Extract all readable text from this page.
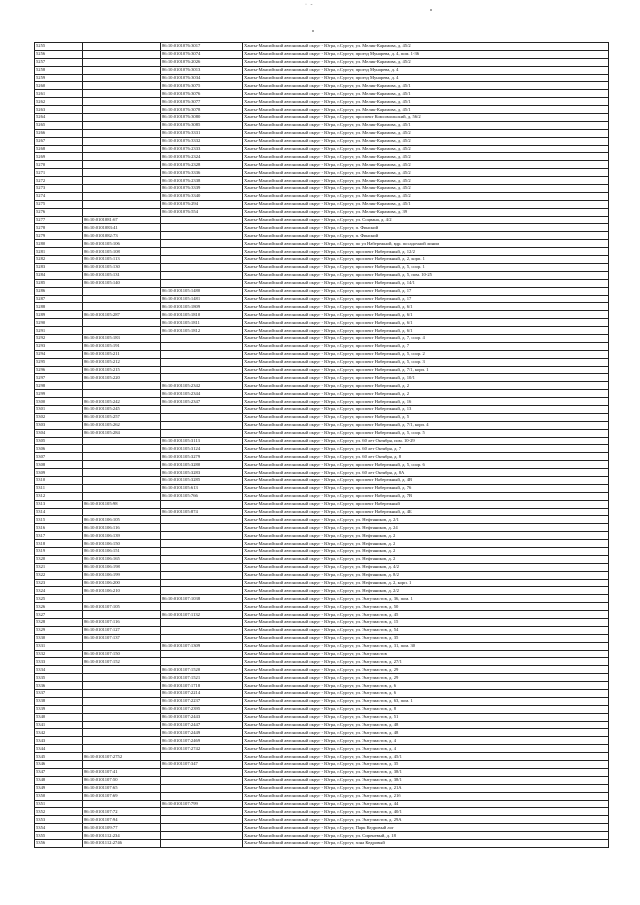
· -
5255		86:10:0101076:3017	Ханты-Мансийский автономный округ - Югра, г.Сургут, ул. Мелик-Карамова, д. 45/2
5256		86:10:0101076:3074	Ханты-Мансийский автономный округ - Югра, г.Сургут, проезд Мунарева, д. 4, пом. 1-36
5257		86:10:0101076:2026	Ханты-Мансийский автономный округ - Югра, г.Сургут, ул. Мелик-Карамова, д. 45/2
5258		86:10:0101076:3013	Ханты-Мансийский автономный округ - Югра, г.Сургут, проезд Мунарева, д. 4
5259		86:10:0101076:3034	Ханты-Мансийский автономный округ - Югра, г.Сургут, проезд Мунарева, д. 4
5260		86:10:0101076:3075	Ханты-Мансийский автономный округ - Югра, г.Сургут, ул. Мелик-Карамова, д. 45/1
5261		86:10:0101076:3076	Ханты-Мансийский автономный округ - Югра, г.Сургут, ул. Мелик-Карамова, д. 45/1
5262		86:10:0101076:3077	Ханты-Мансийский автономный округ - Югра, г.Сургут, ул. Мелик-Карамова, д. 45/1
5263		86:10:0101076:3078	Ханты-Мансийский автономный округ - Югра, г.Сургут, ул. Мелик-Карамова, д. 45/1
5264		86:10:0101076:3080	Ханты-Мансийский автономный округ - Югра, г.Сургут, проспект Комсомольский, д. 56/2
5265		86:10:0101076:3085	Ханты-Мансийский автономный округ - Югра, г.Сургут, ул. Мелик-Карамова, д. 45/1
5266		86:10:0101076:3331	Ханты-Мансийский автономный округ - Югра, г.Сургут, ул. Мелик-Карамова, д. 45/2
5267		86:10:0101076:3332	Ханты-Мансийский автономный округ - Югра, г.Сургут, ул. Мелик-Карамова, д. 45/2
5268		86:10:0101076:2333	Ханты-Мансийский автономный округ - Югра, г.Сургут, ул. Мелик-Карамова, д. 45/2
5269		86:10:0101076:2324	Ханты-Мансийский автономный округ - Югра, г.Сургут, ул. Мелик-Карамова, д. 45/2
5270		86:10:0101076:2328	Ханты-Мансийский автономный округ - Югра, г.Сургут, ул. Мелик-Карамова, д. 45/2
5271		86:10:0101076:3336	Ханты-Мансийский автономный округ - Югра, г.Сургут, ул. Мелик-Карамова, д. 45/2
5272		86:10:0101076:2338	Ханты-Мансийский автономный округ - Югра, г.Сургут, ул. Мелик-Карамова, д. 45/2
5273		86:10:0101076:3339	Ханты-Мансийский автономный округ - Югра, г.Сургут, ул. Мелик-Карамова, д. 45/2
5274		86:10:0101076:3340	Ханты-Мансийский автономный округ - Югра, г.Сургут, ул. Мелик-Карамова, д. 45/2
5275		86:10:0101076:294	Ханты-Мансийский автономный округ - Югра, г.Сургут, ул. Мелик-Карамова, д. 45/1
5276		86:10:0101076:554	Ханты-Мансийский автономный округ - Югра, г.Сургут, ул. Мелик-Карамова, д. 39
5277	86:10:0101081:67		Ханты-Мансийский автономный округ - Югра, г.Сургут, ул. Соцвана, д. 4/2
5278	86:10:0101083:41		Ханты-Мансийский автономный округ - Югра, г.Сургут, п. Финский
5279	86:10:0101082:73		Ханты-Мансийский автономный округ - Югра, г.Сургут, п. Финский
5280	86:10:0101105:106		Ханты-Мансийский автономный округ - Югра, г.Сургут, по ул Набережной, вдр. посадочной линии
5281	86:10:0101105:108		Ханты-Мансийский автономный округ - Югра, г.Сургут, проспект Набережный, д. 12/2
5282	86:10:0101105:113		Ханты-Мансийский автономный округ - Югра, г.Сургут, проспект Набережный, д. 2, корп. 1
5283	86:10:0101105:130		Ханты-Мансийский автономный округ - Югра, г.Сургут, проспект Набережный, д. 5, соор. 1
5284	86:10:0101105:131		Ханты-Мансийский автономный округ - Югра, г.Сургут, проспект Набережный, д. 5, пом. 10-25
5285	86:10:0101105:140		Ханты-Мансийский автономный округ - Югра, г.Сургут, проспект Набережный, д. 14/1
5286		86:10:0101105:1480	Ханты-Мансийский автономный округ - Югра, г.Сургут, проспект Набережный, д. 17
5287		86:10:0101105:1481	Ханты-Мансийский автономный округ - Югра, г.Сургут, проспект Набережный, д. 17
5288		86:10:0101105:1809	Ханты-Мансийский автономный округ - Югра, г.Сургут, проспект Набережный, д. 6/1
5289	86:10:0101105:287	86:10:0101105:1810	Ханты-Мансийский автономный округ - Югра, г.Сургут, проспект Набережный, д. 6/1
5290		86:10:0101105:1811	Ханты-Мансийский автономный округ - Югра, г.Сургут, проспект Набережный, д. 6/1
5291		86:10:0101105:1812	Ханты-Мансийский автономный округ - Югра, г.Сургут, проспект Набережный, д. 6/1
5292	86:10:0101105:183		Ханты-Мансийский автономный округ - Югра, г.Сургут, проспект Набережный, д. 7, соор. 4
5293	86:10:0101105:191		Ханты-Мансийский автономный округ - Югра, г.Сургут, проспект Набережный, д. 7
5294	86:10:0101105:211		Ханты-Мансийский автономный округ - Югра, г.Сургут, проспект Набережный, д. 5, соор. 2
5295	86:10:0101105:212		Ханты-Мансийский автономный округ - Югра, г.Сургут, проспект Набережный, д. 5, соор. 3
5296	86:10:0101105:215		Ханты-Мансийский автономный округ - Югра, г.Сургут, проспект Набережный, д. 7/1, корп. 1
5297	86:10:0101105:220		Ханты-Мансийский автономный округ - Югра, г.Сургут, проспект Набережный, д. 10/1
5298		86:10:0101105:2342	Ханты-Мансийский автономный округ - Югра, г.Сургут, проспект Набережный, д. 2
5299		86:10:0101105:2344	Ханты-Мансийский автономный округ - Югра, г.Сургут, проспект Набережный, д. 2
5300	86:10:0101105:242	86:10:0101105:2347	Ханты-Мансийский автономный округ - Югра, г.Сургут, проспект Набережный, д. 16
5301	86:10:0101105:245		Ханты-Мансийский автономный округ - Югра, г.Сургут, проспект Набережный, д. 13
5302	86:10:0101105:257		Ханты-Мансийский автономный округ - Югра, г.Сургут, проспект Набережный, д. 5
5303	86:10:0101105:262		Ханты-Мансийский автономный округ - Югра, г.Сургут, проспект Набережный, д. 7/1, корп. 4
5304	86:10:0101105:284		Ханты-Мансийский автономный округ - Югра, г.Сургут, проспект Набережный, д. 5, соор. 5
5305		86:10:0101105:3113	Ханты-Мансийский автономный округ - Югра, г.Сургут, ул. 60 лет Октября, пом. 10-29
5306		86:10:0101105:3124	Ханты-Мансийский автономный округ - Югра, г.Сургут, ул. 60 лет Октября, д. 7
5307		86:10:0101105:3279	Ханты-Мансийский автономный округ - Югра, г.Сургут, ул. 60 лет Октября, д. 8
5308		86:10:0101105:3280	Ханты-Мансийский автономный округ - Югра, г.Сургут, проспект Набережный, д. 5, соор. 6
5309		86:10:0101105:3283	Ханты-Мансийский автономный округ - Югра, г.Сургут, ул. 60 лет Октября, д. 8А
5310		86:10:0101105:3285	Ханты-Мансийский автономный округ - Югра, г.Сургут, проспект Набережный, д. 4В
5311		86:10:0101105:613	Ханты-Мансийский автономный округ - Югра, г.Сургут, проспект Набережный, д. 76
5312		86:10:0101105:766	Ханты-Мансийский автономный округ - Югра, г.Сургут, проспект Набережный, д. 7В
5313	86:10:0101105:98		Ханты-Мансийский автономный округ - Югра, г.Сургут, проспект Набережный
5314		86:10:0101105:874	Ханты-Мансийский автономный округ - Югра, г.Сургут, проспект Набережный, д. 4Б
5315	86:10:0101106:105		Ханты-Мансийский автономный округ - Югра, г.Сургут, ул. Нефтяников, д. 2/1
5316	86:10:0101106:116		Ханты-Мансийский автономный округ - Югра, г.Сургут, ул. Нефтяников, д. 24
5317	86:10:0101106:139		Ханты-Мансийский автономный округ - Югра, г.Сургут, ул. Нефтяников, д. 2
5318	86:10:0101106:150		Ханты-Мансийский автономный округ - Югра, г.Сургут, ул. Нефтяников, д. 2
5319	86:10:0101106:151		Ханты-Мансийский автономный округ - Югра, г.Сургут, ул. Нефтяников, д. 2
5320	86:10:0101106:165		Ханты-Мансийский автономный округ - Югра, г.Сургут, ул. Нефтяников, д. 2
5321	86:10:0101106:198		Ханты-Мансийский автономный округ - Югра, г.Сургут, ул. Нефтяников, д. 4/2
5322	86:10:0101106:199		Ханты-Мансийский автономный округ - Югра, г.Сургут, ул. Нефтяников, д. 8/2
5323	86:10:0101106:200		Ханты-Мансийский автономный округ - Югра, г.Сургут, ул. Нефтяников, д. 2, корп. 1
5324	86:10:0101106:210		Ханты-Мансийский автономный округ - Югра, г.Сургут, ул. Нефтяников, д. 2/2
5325		86:10:0101107:1038	Ханты-Мансийский автономный округ - Югра, г.Сургут, ул. Энтузиастов, д. 36, пом. 1
5326	86:10:0101107:105		Ханты-Мансийский автономный округ - Югра, г.Сургут, ул. Энтузиастов, д. 50
5327		86:10:0101107:1132	Ханты-Мансийский автономный округ - Югра, г.Сургут, ул. Энтузиастов, д. 45
5328	86:10:0101107:116		Ханты-Мансийский автономный округ - Югра, г.Сургут, ул. Энтузиастов, д. 15
5329	86:10:0101107:127		Ханты-Мансийский автономный округ - Югра, г.Сургут, ул. Энтузиастов, д. 54
5330	86:10:0101107:137		Ханты-Мансийский автономный округ - Югра, г.Сургут, ул. Энтузиастов, д. 35
5331		86:10:0101107:1309	Ханты-Мансийский автономный округ - Югра, г.Сургут, ул. Энтузиастов, д. 31, пом. 30
5332	86:10:0101107:150		Ханты-Мансийский автономный округ - Югра, г.Сургут, ул. Энтузиастов
5333	86:10:0101107:152		Ханты-Мансийский автономный округ - Югра, г.Сургут, ул. Энтузиастов, д. 27/1
5334		86:10:0101107:1520	Ханты-Мансийский автономный округ - Югра, г.Сургут, ул. Энтузиастов, д. 29
5335		86:10:0101107:1521	Ханты-Мансийский автономный округ - Югра, г.Сургут, ул. Энтузиастов, д. 29
5336		86:10:0101107:1718	Ханты-Мансийский автономный округ - Югра, г.Сургут, ул. Энтузиастов, д. 6
5337		86:10:0101107:2214	Ханты-Мансийский автономный округ - Югра, г.Сургут, ул. Энтузиастов, д. 6
5338		86:10:0101107:2237	Ханты-Мансийский автономный округ - Югра, г.Сургут, ул. Энтузиастов, д. 63, пом. 1
5339		86:10:0101107:2395	Ханты-Мансийский автономный округ - Югра, г.Сургут, ул. Энтузиастов, д. 8
5340		86:10:0101107:2443	Ханты-Мансийский автономный округ - Югра, г.Сургут, ул. Энтузиастов, д. 51
5341		86:10:0101107:2447	Ханты-Мансийский автономный округ - Югра, г.Сургут, ул. Энтузиастов, д. 48
5342		86:10:0101107:2449	Ханты-Мансийский автономный округ - Югра, г.Сургут, ул. Энтузиастов, д. 48
5343		86:10:0101107:2469	Ханты-Мансийский автономный округ - Югра, г.Сургут, ул. Энтузиастов, д. 4
5344		86:10:0101107:2742	Ханты-Мансийский автономный округ - Югра, г.Сургут, ул. Энтузиастов, д. 4
5345	86:10:0101107:2752		Ханты-Мансийский автономный округ - Югра, г.Сургут, ул. Энтузиастов, д. 45/1
5346		86:10:0101107:347	Ханты-Мансийский автономный округ - Югра, г.Сургут, ул. Энтузиастов, д. 35
5347	86:10:0101107:41		Ханты-Мансийский автономный округ - Югра, г.Сургут, ул. Энтузиастов, д. 38/1
5348	86:10:0101107:50		Ханты-Мансийский автономный округ - Югра, г.Сургут, ул. Энтузиастов, д. 38/1
5349	86:10:0101107:65		Ханты-Мансийский автономный округ - Югра, г.Сургут, ул. Энтузиастов, д. 21А
5350	86:10:0101107:69		Ханты-Мансийский автономный округ - Югра, г.Сургут, ул. Энтузиастов, д. 21б
5351		86:10:0101107:799	Ханты-Мансийский автономный округ - Югра, г.Сургут, ул. Энтузиастов, д. 44
5352	86:10:0101107:72		Ханты-Мансийский автономный округ - Югра, г.Сургут, ул. Энтузиастов, д. 40/1
5353	86:10:0101107:94		Ханты-Мансийский автономный округ - Югра, г.Сургут, ул. Энтузиастов, д. 29А
5354	86:10:0101109:77		Ханты-Мансийский автономный округ - Югра, г.Сургут, Парк Кедровый лог
5355	86:10:0101112:234		Ханты-Мансийский автономный округ - Югра, г.Сургут, ул. Сиреневый, д. 18
5356	86:10:0101112:2746		Ханты-Мансийский автономный округ - Югра, г.Сургут, зона Кедровый
